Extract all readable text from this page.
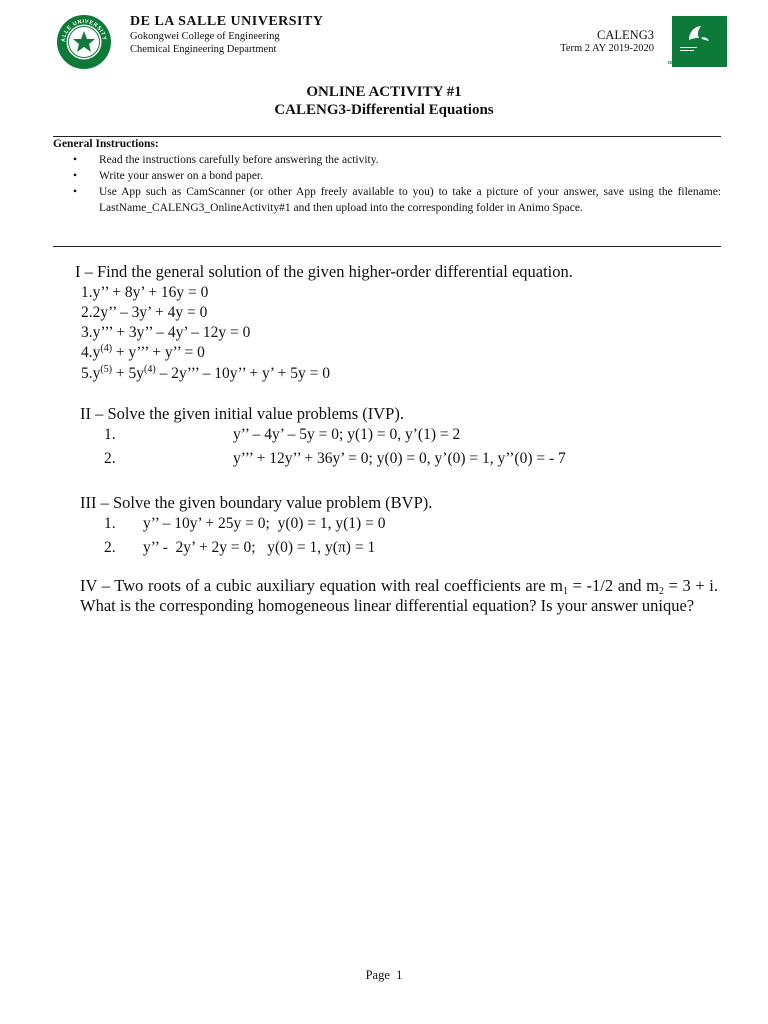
ALLE UNIVERSITY
DE LA SALLE UNIVERSITY
Gokongwei College of Engineering
Chemical Engineering Department
CALENG3
Term 2 AY 2019-2020
DE LA SALLE UNIVERSITY
ONLINE ACTIVITY #1
CALENG3-Differential Equations
General Instructions:
• Read the instructions carefully before answering the activity.
• Write your answer on a bond paper.
• Use App such as CamScanner (or other App freely available to you) to take a picture of your answer, save using the filename: LastName_CALENG3_OnlineActivity#1 and then upload into the corresponding folder in Animo Space.
I – Find the general solution of the given higher-order differential equation.
1.y’’ + 8y’ + 16y = 0
2.2y’’ – 3y’ + 4y = 0
3.y’’’ + 3y’’ – 4y’ – 12y = 0
$4.y^{(4)} + y$’’’ + y’’ = 0
$5.y^{(5)} + 5y^{(4)} - 2y$’’’ – 10y’’ + y’ + 5y = 0
II – Solve the given initial value problems (IVP).
1.	y’’ – 4y’ – 5y = 0; y(1) = 0, y’(1) = 2
2.	y’’’ + 12y’’ + 36y’ = 0; y(0) = 0, y’(0) = 1, y’’(0) = - 7
III – Solve the given boundary value problem (BVP).
1. y’’ – 10y’ + 25y = 0;  y(0) = 1, y(1) = 0
2. y’’ -  2y’ + 2y = 0;   y(0) = 1, y(π) = 1
IV – Two roots of a cubic auxiliary equation with real coefficients are $m_1 = -1/2$ and $m_2 = 3 + i$. What is the corresponding homogeneous linear differential equation? Is your answer unique?
Page 1
